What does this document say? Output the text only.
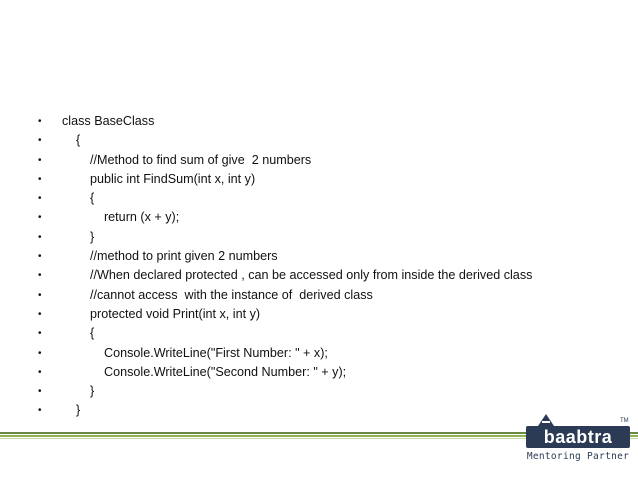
• class BaseClass
• {
• //Method to find sum of give  2 numbers
• public int FindSum(int x, int y)
• {
• return (x + y);
• }
• //method to print given 2 numbers
• //When declared protected , can be accessed only from inside the derived class
• //cannot access  with the instance of  derived class
• protected void Print(int x, int y)
• {
• Console.WriteLine("First Number: " + x);
• Console.WriteLine("Second Number: " + y);
• }
• }
baabtra
TM
Mentoring Partner
